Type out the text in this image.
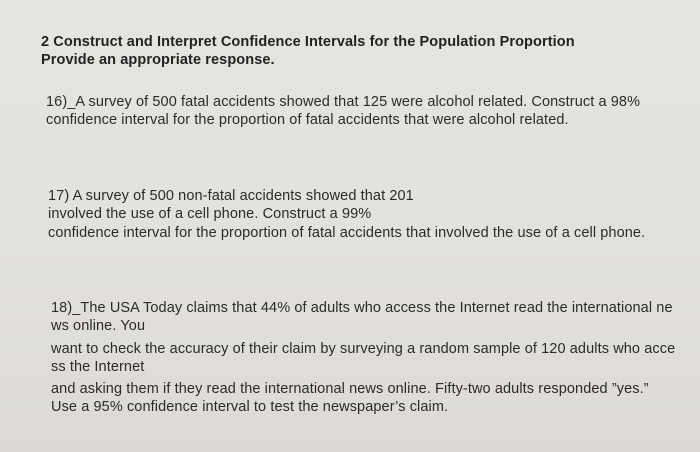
2 Construct and Interpret Confidence Intervals for the Population Proportion
Provide an appropriate response.
16)_A survey of 500 fatal accidents showed that 125 were alcohol related. Construct a 98%
confidence interval for the proportion of fatal accidents that were alcohol related.
17) A survey of 500 non-fatal accidents showed that 201
involved the use of a cell phone. Construct a 99%
confidence interval for the proportion of fatal accidents that involved the use of a cell phone.
18)_The USA Today claims that 44% of adults who access the Internet read the international ne
ws online. You
want to check the accuracy of their claim by surveying a random sample of 120 adults who acce
ss the Internet
and asking them if they read the international news online. Fifty-two adults responded ”yes.”
Use a 95% confidence interval to test the newspaper’s claim.
